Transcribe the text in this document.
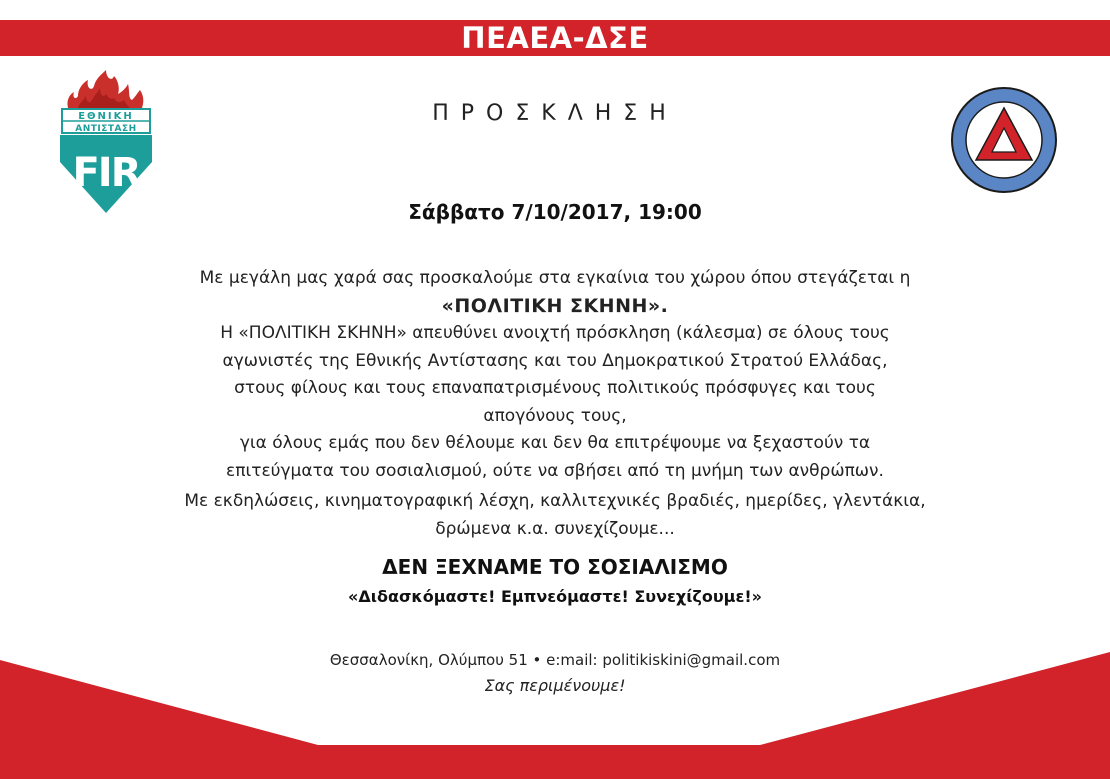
ΠΕΑΕΑ-ΔΣΕ
ΕΘΝΙΚΗ
ΑΝΤΙΣΤΑΣΗ
FIR
ΠΡΟΣΚΛΗΣΗ
Σάββατο 7/10/2017, 19:00

Με μεγάλη μας χαρά σας προσκαλούμε στα εγκαίνια του χώρου όπου στεγάζεται η

«ΠΟΛΙΤΙΚΗ ΣΚΗΝΗ».

Η «ΠΟΛΙΤΙΚΗ ΣΚΗΝΗ» απευθύνει ανοιχτή πρόσκληση (κάλεσμα) σε όλους τους

αγωνιστές της Εθνικής Αντίστασης και του Δημοκρατικού Στρατού Ελλάδας,

στους φίλους και τους επαναπατρισμένους πολιτικούς πρόσφυγες και τους

απογόνους τους,

για όλους εμάς που δεν θέλουμε και δεν θα επιτρέψουμε να ξεχαστούν τα

επιτεύγματα του σοσιαλισμού, ούτε να σβήσει από τη μνήμη των ανθρώπων.

Με εκδηλώσεις, κινηματογραφική λέσχη, καλλιτεχνικές βραδιές, ημερίδες, γλεντάκια,

δρώμενα κ.α. συνεχίζουμε...

ΔΕΝ ΞΕΧΝΑΜΕ ΤΟ ΣΟΣΙΑΛΙΣΜΟ
«Διδασκόμαστε! Εμπνεόμαστε! Συνεχίζουμε!»
Θεσσαλονίκη, Ολύμπου 51 • e:mail: politikiskini@gmail.com
Σας περιμένουμε!
